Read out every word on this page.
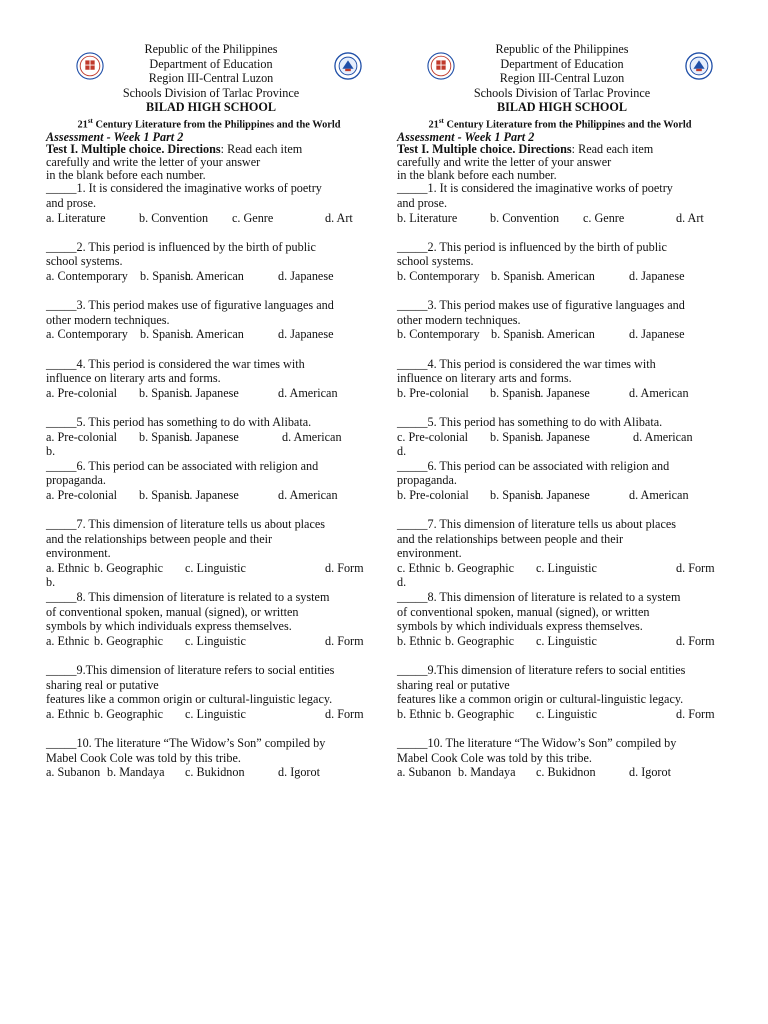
Republic of the Philippines
Department of Education
Region III-Central Luzon
Schools Division of Tarlac Province
BILAD HIGH SCHOOL
21st Century Literature from the Philippines and the World
Assessment - Week 1 Part 2
Test I. Multiple choice. Directions: Read each item
carefully and write the letter of your answer
in the blank before each number.
_____1. It is considered the imaginative works of poetry
and prose.
a. Literature	b. Convention	c. Genre	d. Art
_____2. This period is influenced by the birth of public
school systems.
a. Contemporary b. Spanish
c. American	d. Japanese
_____3. This period makes use of figurative languages and
other modern techniques.
a. Contemporary b. Spanish
c. American	d. Japanese
_____4. This period is considered the war times with
influence on literary arts and forms.
a. Pre-colonial	b. Spanish
c. Japanese	d. American
_____5. This period has something to do with Alibata.
a. Pre-colonial	b. Spanish
c. Japanese	d. American
b.
_____6. This period can be associated with religion and
propaganda.
a. Pre-colonial	b. Spanish
c. Japanese	d. American
_____7. This dimension of literature tells us about places
and the relationships between people and their
environment.
a. Ethnic b. Geographic	c. Linguistic	d. Form
b.
_____8. This dimension of literature is related to a system
of conventional spoken, manual (signed), or written
symbols by which individuals express themselves.
a. Ethnic b. Geographic	c. Linguistic	d. Form
_____9.This dimension of literature refers to social entities
sharing real or putative
features like a common origin or cultural-linguistic legacy.
a. Ethnic b. Geographic	c. Linguistic	d. Form
_____10. The literature “The Widow’s Son” compiled by
Mabel Cook Cole was told by this tribe.
a. Subanon b. Mandaya	c. Bukidnon	d. Igorot
Republic of the Philippines
Department of Education
Region III-Central Luzon
Schools Division of Tarlac Province
BILAD HIGH SCHOOL
21st Century Literature from the Philippines and the World
Assessment - Week 1 Part 2
Test I. Multiple choice. Directions: Read each item
carefully and write the letter of your answer
in the blank before each number.
_____1. It is considered the imaginative works of poetry
and prose.
b. Literature	b. Convention	c. Genre	d. Art
_____2. This period is influenced by the birth of public
school systems.
b. Contemporary b. Spanish
c. American	d. Japanese
_____3. This period makes use of figurative languages and
other modern techniques.
b. Contemporary b. Spanish
c. American	d. Japanese
_____4. This period is considered the war times with
influence on literary arts and forms.
b. Pre-colonial	b. Spanish
c. Japanese	d. American
_____5. This period has something to do with Alibata.
c. Pre-colonial	b. Spanish
c. Japanese	d. American
d.
_____6. This period can be associated with religion and
propaganda.
b. Pre-colonial	b. Spanish
c. Japanese	d. American
_____7. This dimension of literature tells us about places
and the relationships between people and their
environment.
c. Ethnic b. Geographic	c. Linguistic	d. Form
d.
_____8. This dimension of literature is related to a system
of conventional spoken, manual (signed), or written
symbols by which individuals express themselves.
b. Ethnic b. Geographic	c. Linguistic	d. Form
_____9.This dimension of literature refers to social entities
sharing real or putative
features like a common origin or cultural-linguistic legacy.
b. Ethnic b. Geographic	c. Linguistic	d. Form
_____10. The literature “The Widow’s Son” compiled by
Mabel Cook Cole was told by this tribe.
a. Subanon b. Mandaya	c. Bukidnon	d. Igorot
